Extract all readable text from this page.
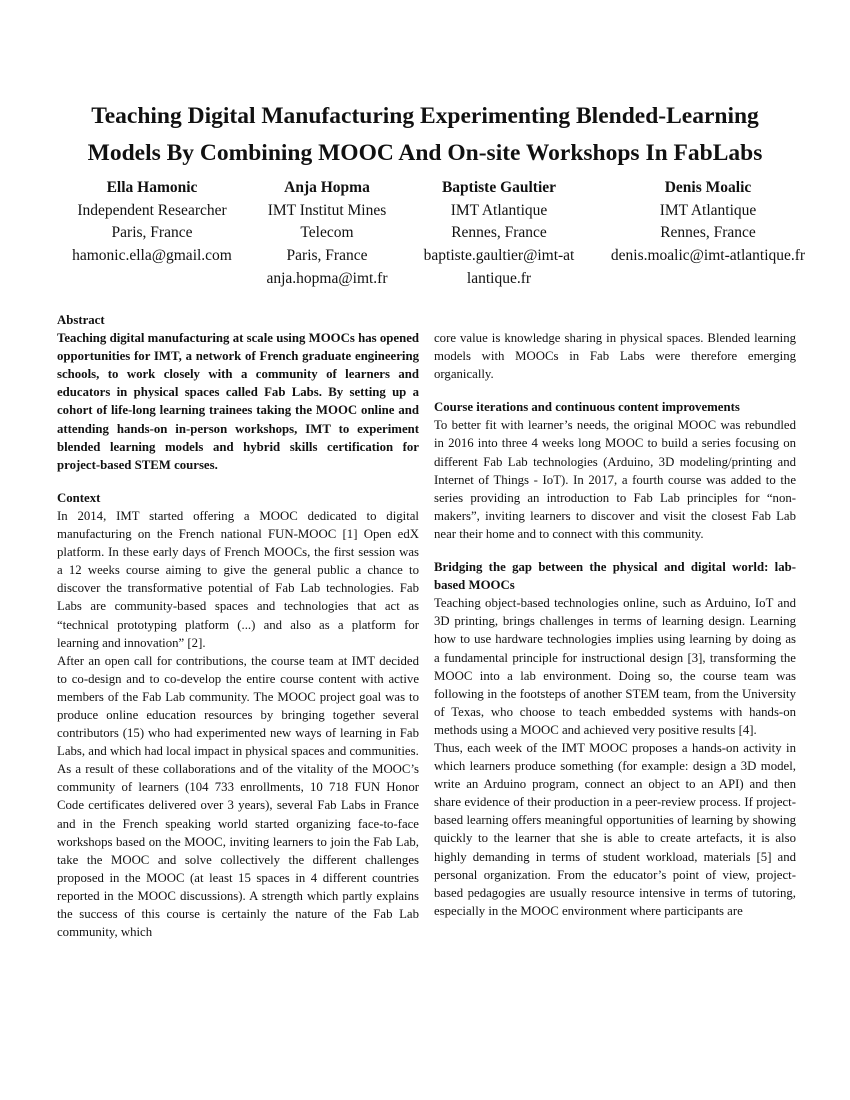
Teaching Digital Manufacturing Experimenting Blended-Learning
Models By Combining MOOC And On-site Workshops In FabLabs
Ella Hamonic
Independent Researcher
Paris, France
hamonic.ella@gmail.com
Anja Hopma
IMT Institut Mines
Telecom
Paris, France
anja.hopma@imt.fr
Baptiste Gaultier
IMT Atlantique
Rennes, France
baptiste.gaultier@imt-at
lantique.fr
Denis Moalic
IMT Atlantique
Rennes, France
denis.moalic@imt-atlantique.fr

Abstract

Teaching digital manufacturing at scale using MOOCs has opened opportunities for IMT, a network of French graduate engineering schools, to work closely with a community of learners and educators in physical spaces called Fab Labs. By setting up a cohort of life-long learning trainees taking the MOOC online and attending hands-on in-person workshops, IMT to experiment blended learning models and hybrid skills certification for project-based STEM courses.

Context

In 2014, IMT started offering a MOOC dedicated to digital manufacturing on the French national FUN-MOOC [1] Open edX platform. In these early days of French MOOCs, the first session was a 12 weeks course aiming to give the general public a chance to discover the transformative potential of Fab Lab technologies. Fab Labs are community-based spaces and technologies that act as “technical prototyping platform (...) and also as a platform for learning and innovation” [2].

After an open call for contributions, the course team at IMT decided to co-design and to co-develop the entire course content with active members of the Fab Lab community. The MOOC project goal was to produce online education resources by bringing together several contributors (15) who had experimented new ways of learning in Fab Labs, and which had local impact in physical spaces and communities.

As a result of these collaborations and of the vitality of the MOOC’s community of learners (104 733 enrollments, 10 718 FUN Honor Code certificates delivered over 3 years), several Fab Labs in France and in the French speaking world started organizing face-to-face workshops based on the MOOC, inviting learners to join the Fab Lab, take the MOOC and solve collectively the different challenges proposed in the MOOC (at least 15 spaces in 4 different countries reported in the MOOC discussions). A strength which partly explains the success of this course is certainly the nature of the Fab Lab community, which

core value is knowledge sharing in physical spaces. Blended learning models with MOOCs in Fab Labs were therefore emerging organically.

Course iterations and continuous content improvements

To better fit with learner’s needs, the original MOOC was rebundled in 2016 into three 4 weeks long MOOC to build a series focusing on different Fab Lab technologies (Arduino, 3D modeling/printing and Internet of Things - IoT). In 2017, a fourth course was added to the series providing an introduction to Fab Lab principles for “non-makers”, inviting learners to discover and visit the closest Fab Lab near their home and to connect with this community.

Bridging the gap between the physical and digital world: lab-based MOOCs

Teaching object-based technologies online, such as Arduino, IoT and 3D printing, brings challenges in terms of learning design. Learning how to use hardware technologies implies using learning by doing as a fundamental principle for instructional design [3], transforming the MOOC into a lab environment. Doing so, the course team was following in the footsteps of another STEM team, from the University of Texas, who choose to teach embedded systems with hands-on methods using a MOOC and achieved very positive results [4].

Thus, each week of the IMT MOOC proposes a hands-on activity in which learners produce something (for example: design a 3D model, write an Arduino program, connect an object to an API) and then share evidence of their production in a peer-review process. If project-based learning offers meaningful opportunities of learning by showing quickly to the learner that she is able to create artefacts, it is also highly demanding in terms of student workload, materials [5] and personal organization. From the educator’s point of view, project-based pedagogies are usually resource intensive in terms of tutoring, especially in the MOOC environment where participants are
